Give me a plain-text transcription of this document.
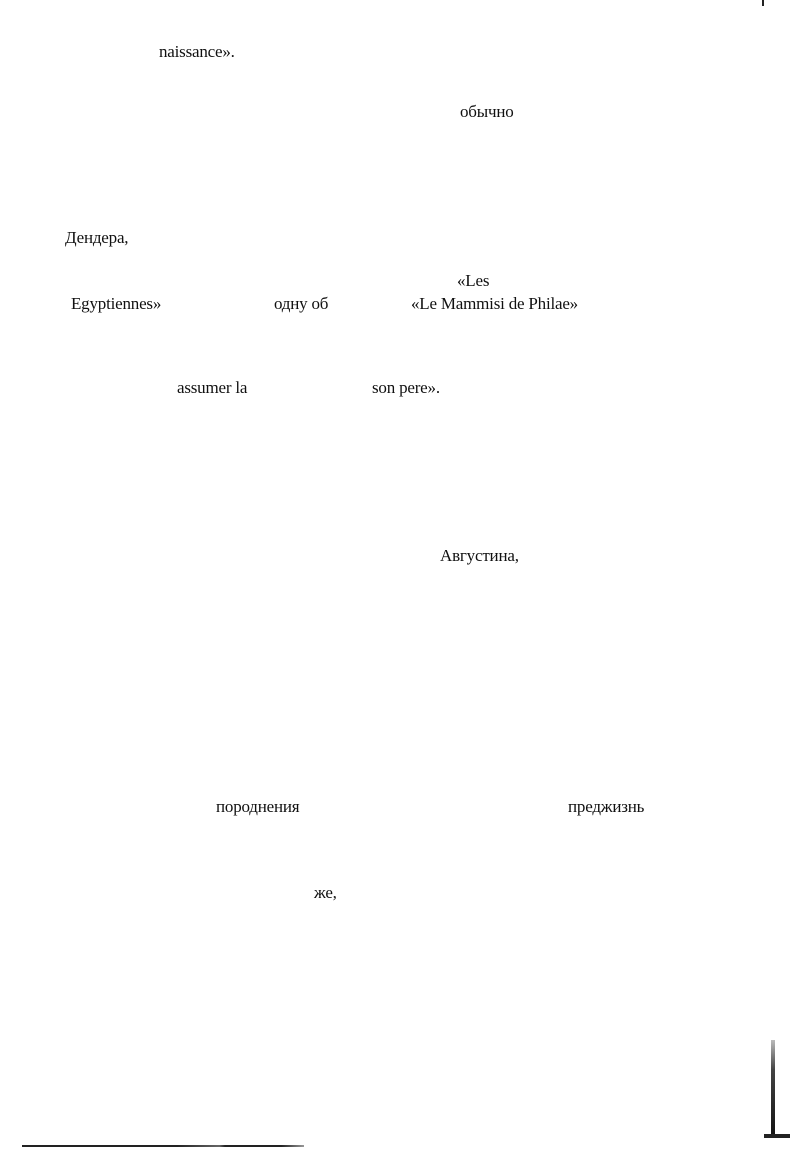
naissance».
обычно
Дендера,
«Les
Egyptiennes»	одну об	«Le Mammisi de Philae»
assumer la	son pere».
Августина,
породнения	преджизнь
же,
